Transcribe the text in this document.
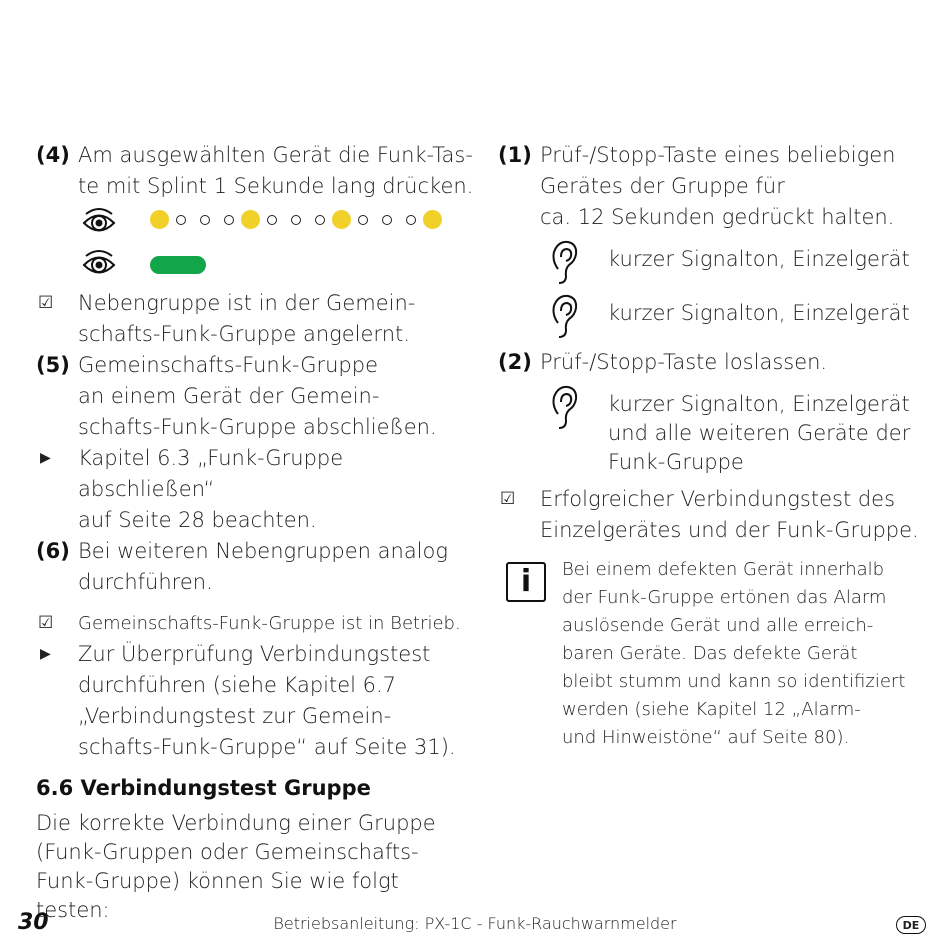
(4) Am ausgewählten Gerät die Funk-Tas-
te mit Splint 1 Sekunde lang drücken.
☑	Nebengruppe ist in der Gemein-
schafts-Funk-Gruppe angelernt.
(5) Gemeinschafts-Funk-Gruppe
an einem Gerät der Gemein-
schafts-Funk-Gruppe abschließen.
▶	Kapitel 6.3 „Funk-Gruppe abschließen“
auf Seite 28 beachten.
(6) Bei weiteren Nebengruppen analog
durchführen.
☑	Gemeinschafts-Funk-Gruppe ist in Betrieb.
▶	Zur Überprüfung Verbindungstest
durchführen (siehe Kapitel 6.7
„Verbindungstest zur Gemein-
schafts-Funk-Gruppe“ auf Seite 31).
6.6 Verbindungstest Gruppe
Die korrekte Verbindung einer Gruppe
(Funk-Gruppen oder Gemeinschafts-
Funk-Gruppe) können Sie wie folgt testen:
(1) Prüf-/Stopp-Taste eines beliebigen
Gerätes der Gruppe für
ca. 12 Sekunden gedrückt halten.
kurzer Signalton, Einzelgerät
kurzer Signalton, Einzelgerät
(2) Prüf-/Stopp-Taste loslassen.
kurzer Signalton, Einzelgerät
und alle weiteren Geräte der
Funk-Gruppe
☑	Erfolgreicher Verbindungstest des
Einzelgerätes und der Funk-Gruppe.
i	Bei einem defekten Gerät innerhalb
der Funk-Gruppe ertönen das Alarm
auslösende Gerät und alle erreich-
baren Geräte. Das defekte Gerät
bleibt stumm und kann so identifiziert
werden (siehe Kapitel 12 „Alarm-
und Hinweistöne“ auf Seite 80).
30	Betriebsanleitung: PX-1C - Funk-Rauchwarnmelder	DE
